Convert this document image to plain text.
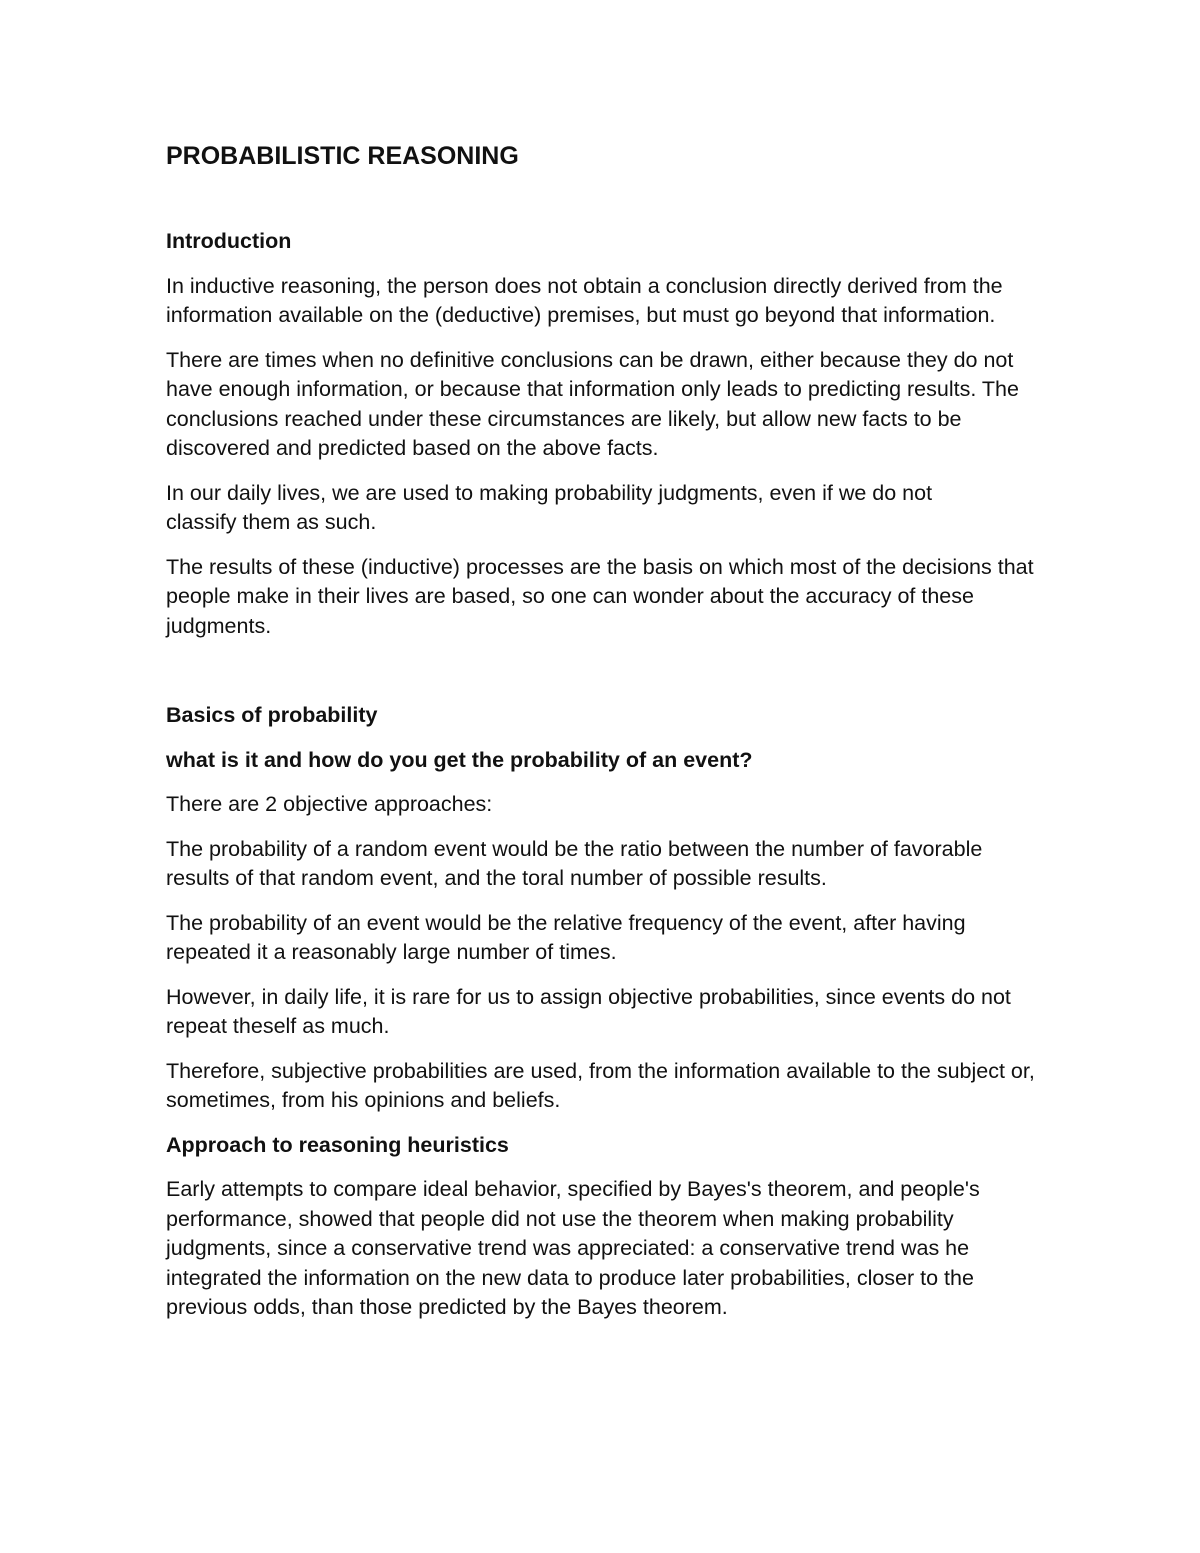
PROBABILISTIC REASONING
Introduction

In inductive reasoning, the person does not obtain a conclusion directly derived from the information available on the (deductive) premises, but must go beyond that information.

There are times when no definitive conclusions can be drawn, either because they do not have enough information, or because that information only leads to predicting results. The conclusions reached under these circumstances are likely, but allow new facts to be discovered and predicted based on the above facts.

In our daily lives, we are used to making probability judgments, even if we do not classify them as such.

The results of these (inductive) processes are the basis on which most of the decisions that people make in their lives are based, so one can wonder about the accuracy of these judgments.

Basics of probability
what is it and how do you get the probability of an event?

There are 2 objective approaches:

The probability of a random event would be the ratio between the number of favorable results of that random event, and the toral number of possible results.

The probability of an event would be the relative frequency of the event, after having repeated it a reasonably large number of times.

However, in daily life, it is rare for us to assign objective probabilities, since events do not repeat theself as much.

Therefore, subjective probabilities are used, from the information available to the subject or, sometimes, from his opinions and beliefs.

Approach to reasoning heuristics

Early attempts to compare ideal behavior, specified by Bayes's theorem, and people's performance, showed that people did not use the theorem when making probability judgments, since a conservative trend was appreciated: a conservative trend was he integrated the information on the new data to produce later probabilities, closer to the previous odds, than those predicted by the Bayes theorem.
